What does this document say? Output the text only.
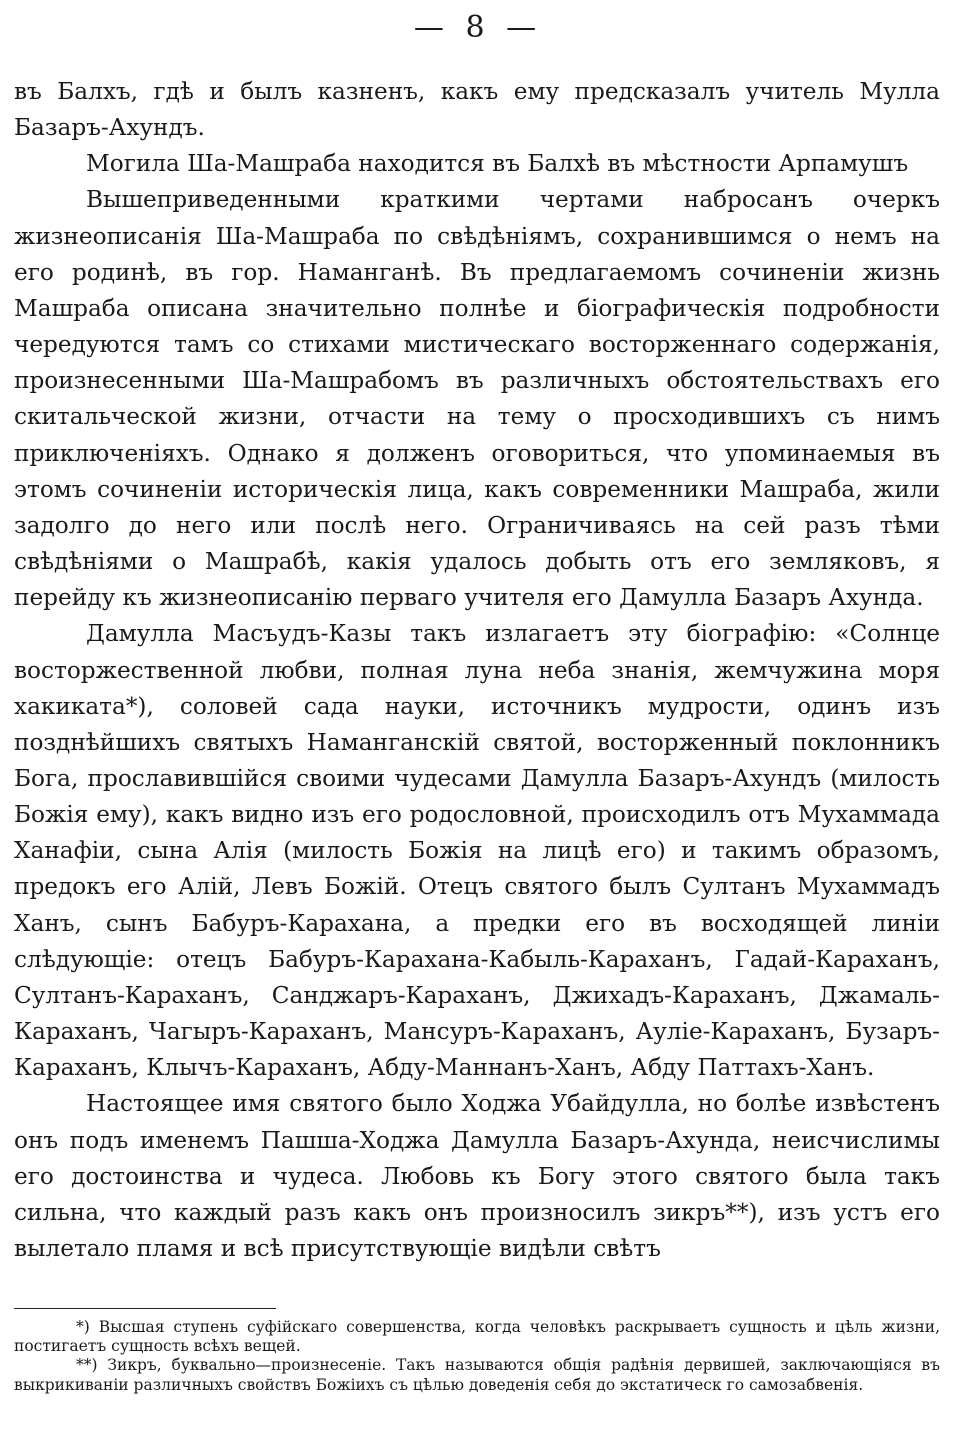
— 8 —

въ Балхъ, гдѣ и былъ казненъ, какъ ему предсказалъ учитель Мулла Базаръ-Ахундъ.

Могила Ша-Машраба находится въ Балхѣ въ мѣстности Арпамушъ

Вышеприведенными краткими чертами набросанъ очеркъ жизнеописанія Ша-Машраба по свѣдѣніямъ, сохранившимся о немъ на его родинѣ, въ гор. Наманганѣ. Въ предлагаемомъ сочиненіи жизнь Машраба описана значительно полнѣе и біографическія подробности чередуются тамъ со стихами мистическаго восторженнаго содержанія, произнесенными Ша-Машрабомъ въ различныхъ обстоятельствахъ его скитальческой жизни, отчасти на тему о просходившихъ съ нимъ приключеніяхъ. Однако я долженъ оговориться, что упоминаемыя въ этомъ сочиненіи историческія лица, какъ современники Машраба, жили задолго до него или послѣ него. Ограничиваясь на сей разъ тѣми свѣдѣніями о Машрабѣ, какія удалось добыть отъ его земляковъ, я перейду къ жизнеописанію перваго учителя его Дамулла Базаръ Ахунда.

Дамулла Масъудъ-Казы такъ излагаетъ эту біографію: «Солнце восторжественной любви, полная луна неба знанія, жемчужина моря хакиката*), соловей сада науки, источникъ мудрости, одинъ изъ позднѣйшихъ святыхъ Наманганскій святой, восторженный поклонникъ Бога, прославившійся своими чудесами Дамулла Базаръ-Ахундъ (милость Божія ему), какъ видно изъ его родословной, происходилъ отъ Мухаммада Ханафіи, сына Алія (милость Божія на лицѣ его) и такимъ образомъ, предокъ его Алій, Левъ Божій. Отецъ святого былъ Султанъ Мухаммадъ Ханъ, сынъ Бабуръ-Карахана, а предки его въ восходящей линіи слѣдующіе: отецъ Бабуръ-Карахана-Кабыль-Караханъ, Гадай-Караханъ, Султанъ-Караханъ, Санджаръ-Караханъ, Джихадъ-Караханъ, Джамаль-Караханъ, Чагыръ-Караханъ, Мансуръ-Караханъ, Ауліе-Караханъ, Бузаръ-Караханъ, Клычъ-Караханъ, Абду-Маннанъ-Ханъ, Абду Паттахъ-Ханъ.

Настоящее имя святого было Ходжа Убайдулла, но болѣе извѣстенъ онъ подъ именемъ Пашша-Ходжа Дамулла Базаръ-Ахунда, неисчислимы его достоинства и чудеса. Любовь къ Богу этого святого была такъ сильна, что каждый разъ какъ онъ произносилъ зикръ**), изъ устъ его вылетало пламя и всѣ присутствующіе видѣли свѣтъ

*) Высшая ступень суфійскаго совершенства, когда человѣкъ раскрываетъ сущность и цѣль жизни, постигаетъ сущность всѣхъ вещей.

**) Зикръ, буквально—произнесеніе. Такъ называются общія радѣнія дервишей, заключающіяся въ выкрикиваніи различныхъ свойствъ Божіихъ съ цѣлью доведенія себя до экстатическ го самозабвенія.
